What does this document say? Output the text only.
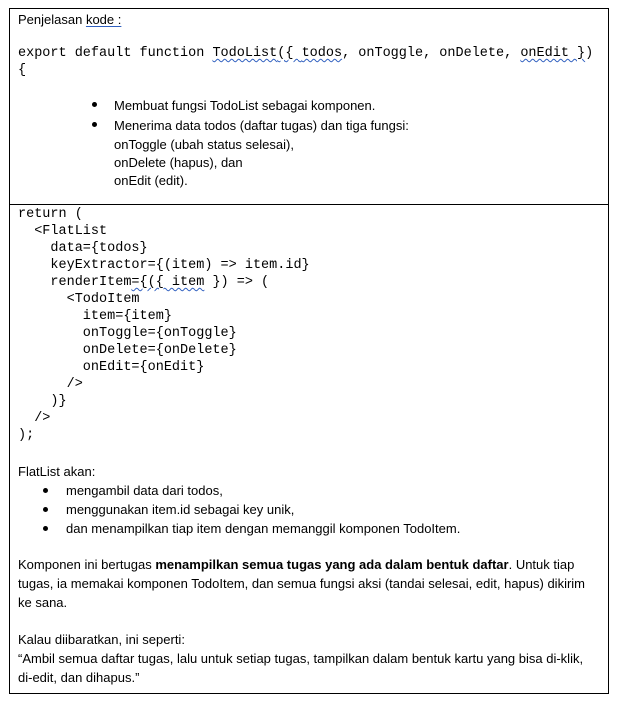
Penjelasan kode :
export default function TodoList({ todos, onToggle, onDelete, onEdit })
{
Membuat fungsi TodoList sebagai komponen.
Menerima data todos (daftar tugas) dan tiga fungsi:
onToggle (ubah status selesai),
onDelete (hapus), dan
onEdit (edit).
return (
<FlatList
data={todos}
keyExtractor={(item) => item.id}
renderItem={({ item }) => (
<TodoItem
item={item}
onToggle={onToggle}
onDelete={onDelete}
onEdit={onEdit}
/>
)}
/>
);
FlatList akan:
mengambil data dari todos,
menggunakan item.id sebagai key unik,
dan menampilkan tiap item dengan memanggil komponen TodoItem.
Komponen ini bertugas menampilkan semua tugas yang ada dalam bentuk daftar. Untuk tiap
tugas, ia memakai komponen TodoItem, dan semua fungsi aksi (tandai selesai, edit, hapus) dikirim
ke sana.
Kalau diibaratkan, ini seperti:
“Ambil semua daftar tugas, lalu untuk setiap tugas, tampilkan dalam bentuk kartu yang bisa di-klik,
di-edit, dan dihapus.”
